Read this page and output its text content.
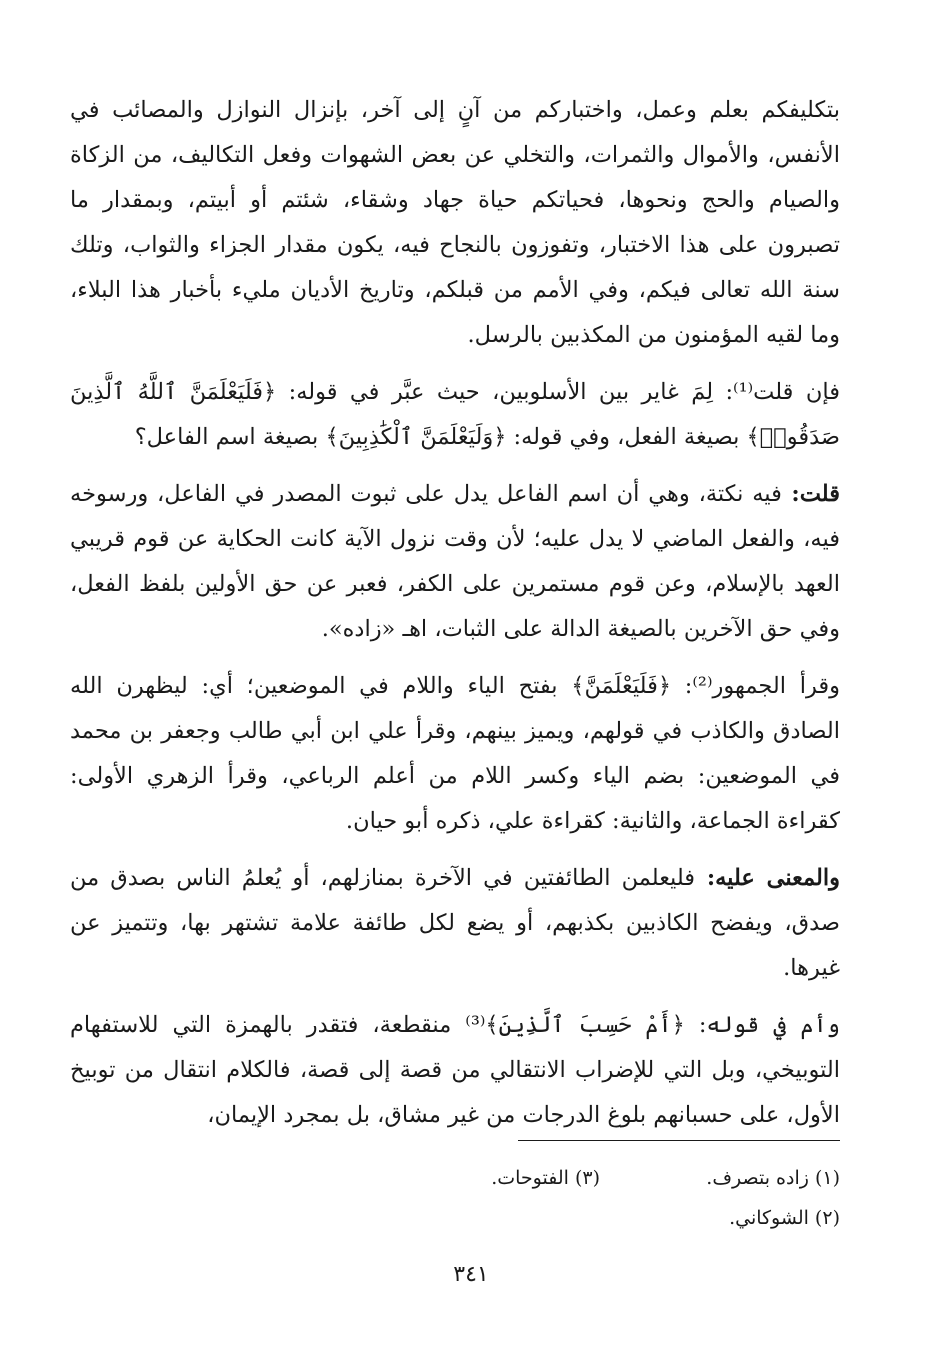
بتكليفكم بعلم وعمل، واختباركم من آنٍ إلى آخر، بإنزال النوازل والمصائب في الأنفس، والأموال والثمرات، والتخلي عن بعض الشهوات وفعل التكاليف، من الزكاة والصيام والحج ونحوها، فحياتكم حياة جهاد وشقاء، شئتم أو أبيتم، وبمقدار ما تصبرون على هذا الاختبار، وتفوزون بالنجاح فيه، يكون مقدار الجزاء والثواب، وتلك سنة الله تعالى فيكم، وفي الأمم من قبلكم، وتاريخ الأديان مليء بأخبار هذا البلاء، وما لقيه المؤمنون من المكذبين بالرسل.

فإن قلت⁽¹⁾: لِمَ غاير بين الأسلوبين، حيث عبَّر في قوله: ﴿فَلَيَعْلَمَنَّ ٱللَّهُ ٱلَّذِينَ صَدَقُوا۟﴾ بصيغة الفعل، وفي قوله: ﴿وَلَيَعْلَمَنَّ ٱلْكَٰذِبِينَ﴾ بصيغة اسم الفاعل؟

قلت: فيه نكتة، وهي أن اسم الفاعل يدل على ثبوت المصدر في الفاعل، ورسوخه فيه، والفعل الماضي لا يدل عليه؛ لأن وقت نزول الآية كانت الحكاية عن قوم قريبي العهد بالإسلام، وعن قوم مستمرين على الكفر، فعبر عن حق الأولين بلفظ الفعل، وفي حق الآخرين بالصيغة الدالة على الثبات، اهـ «زاده».

وقرأ الجمهور⁽²⁾: ﴿فَلَيَعْلَمَنَّ﴾ بفتح الياء واللام في الموضعين؛ أي: ليظهرن الله الصادق والكاذب في قولهم، ويميز بينهم، وقرأ علي ابن أبي طالب وجعفر بن محمد في الموضعين: بضم الياء وكسر اللام من أعلم الرباعي، وقرأ الزهري الأولى: كقراءة الجماعة، والثانية: كقراءة علي، ذكره أبو حيان.

والمعنى عليه: فليعلمن الطائفتين في الآخرة بمنازلهم، أو يُعلمُ الناس بصدق من صدق، ويفضح الكاذبين بكذبهم، أو يضع لكل طائفة علامة تشتهر بها، وتتميز عن غيرها.

وأم في قوله: ﴿أَمْ حَسِبَ ٱلَّذِينَ﴾⁽³⁾ منقطعة، فتقدر بالهمزة التي للاستفهام التوبيخي، وبل التي للإضراب الانتقالي من قصة إلى قصة، فالكلام انتقال من توبيخ الأول، على حسبانهم بلوغ الدرجات من غير مشاق، بل بمجرد الإيمان،

(١) زاده بتصرف.
(٣) الفتوحات.
(٢) الشوكاني.
٣٤١
